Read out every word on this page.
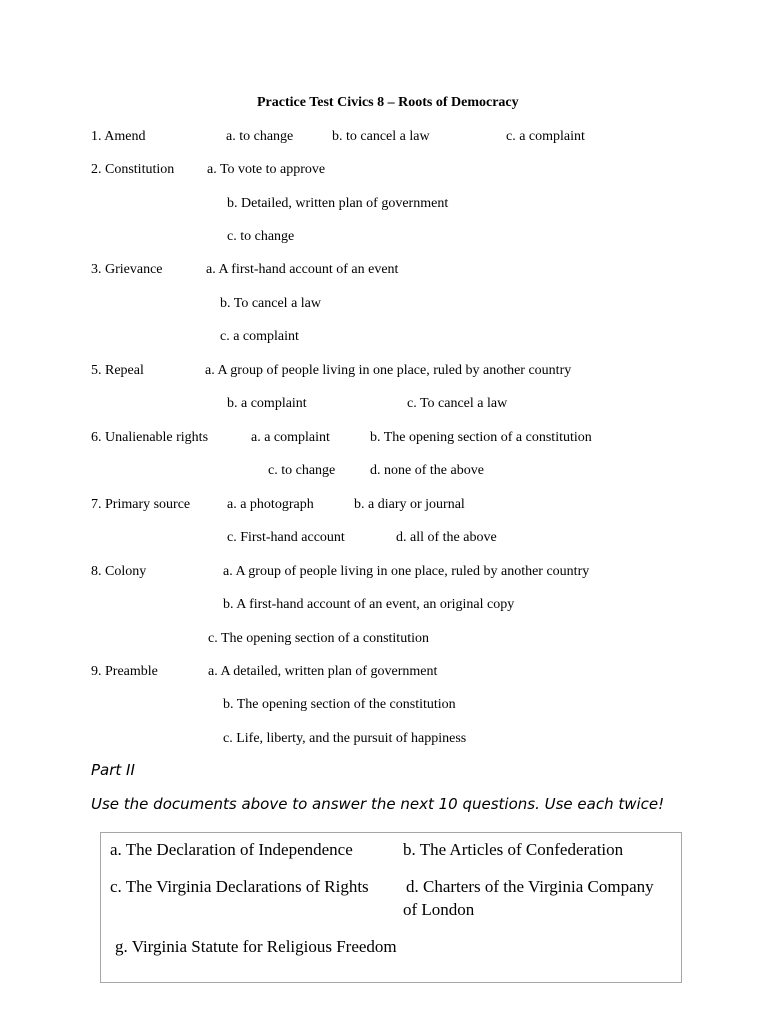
Practice Test Civics 8 – Roots of Democracy
1. Amend	a. to change	b. to cancel a law	c. a complaint
2. Constitution a. To vote to approve
b. Detailed, written plan of government
c. to change
3. Grievance	a. A first-hand account of an event
b. To cancel a law
c. a complaint
5. Repeal	a. A group of people living in one place, ruled by another country
b. a complaint	c. To cancel a law
6. Unalienable rights	a. a complaint	b. The opening section of a constitution
c. to change d. none of the above
7. Primary source	a. a photograph	b. a diary or journal
c. First-hand account	d. all of the above
8. Colony	a. A group of people living in one place, ruled by another country
b. A first-hand account of an event, an original copy
c. The opening section of a constitution
9. Preamble	a. A detailed, written plan of government
b. The opening section of the constitution
c. Life, liberty, and the pursuit of happiness
Part II
Use the documents above to answer the next 10 questions. Use each twice!
a. The Declaration of Independence	b. The Articles of Confederation
c. The Virginia Declarations of Rights d. Charters of the Virginia Company
of London
g. Virginia Statute for Religious Freedom
